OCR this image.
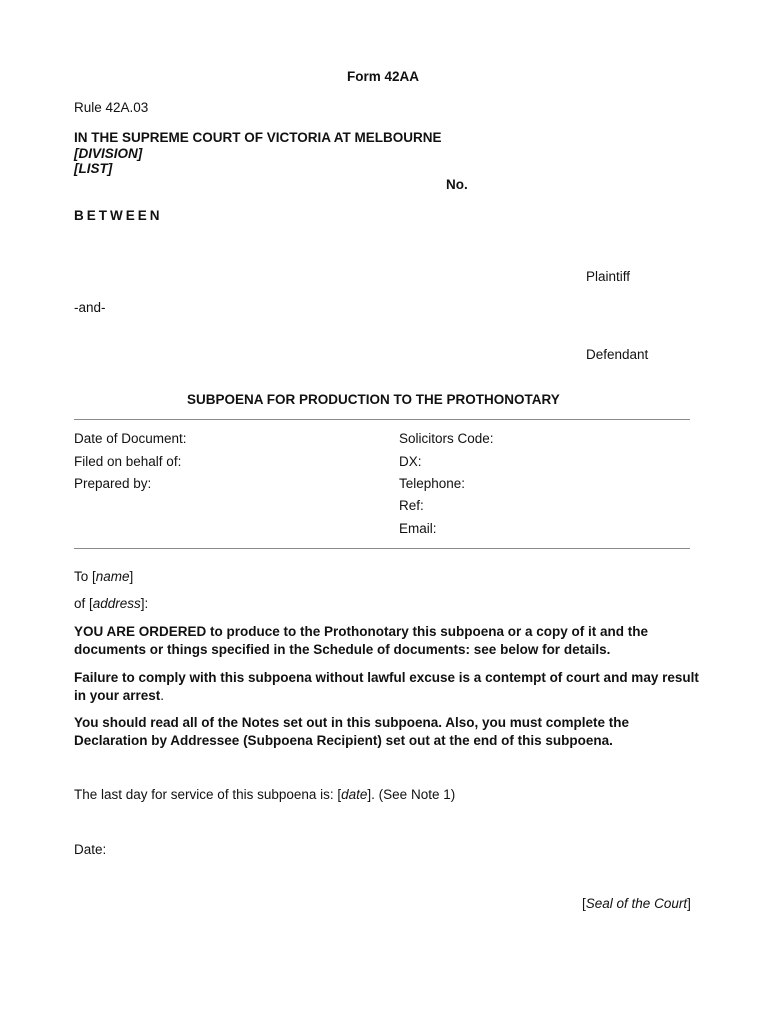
Form 42AA
Rule 42A.03
IN THE SUPREME COURT OF VICTORIA AT MELBOURNE
[DIVISION]
[LIST]
No.
BETWEEN
Plaintiff
-and-
Defendant
SUBPOENA FOR PRODUCTION TO THE PROTHONOTARY
Date of Document:
Filed on behalf of:
Prepared by:
Solicitors Code:
DX:
Telephone:
Ref:
Email:
To [name]
of [address]:
YOU ARE ORDERED to produce to the Prothonotary this subpoena or a copy of it and the documents or things specified in the Schedule of documents: see below for details.
Failure to comply with this subpoena without lawful excuse is a contempt of court and may result in your arrest.
You should read all of the Notes set out in this subpoena. Also, you must complete the Declaration by Addressee (Subpoena Recipient) set out at the end of this subpoena.
The last day for service of this subpoena is: [date]. (See Note 1)
Date:
[Seal of the Court]
